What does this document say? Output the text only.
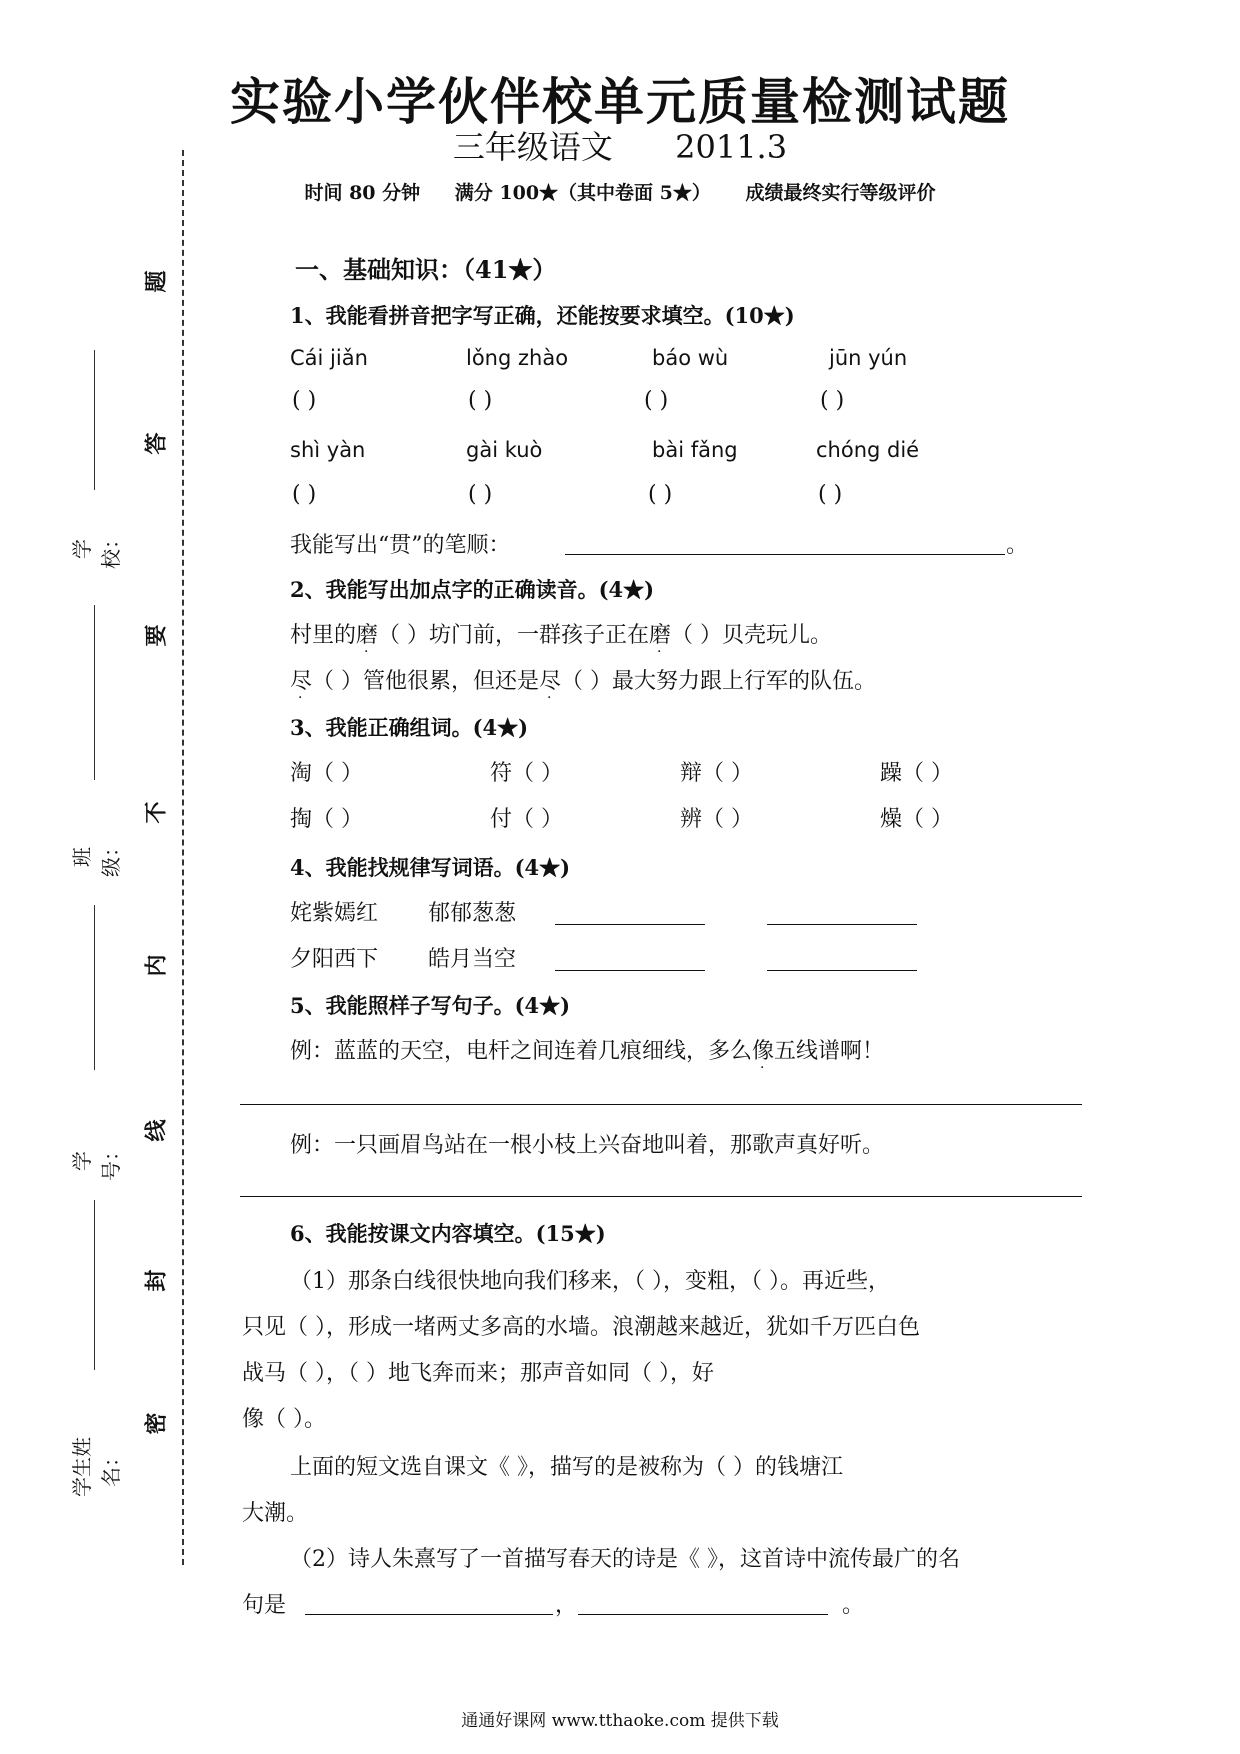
实验小学伙伴校单元质量检测试题
三年级语文 2011.3
时间 80 分钟 满分 100★（其中卷面 5★） 成绩最终实行等级评价
题
答
要
不
内
线
封
密
学校：
班级：
学号：
学生姓名：
一、基础知识：（41★）
1、我能看拼音把字写正确，还能按要求填空。(10★)
Cái jiǎn	lǒng zhào	báo wù	jūn yún
( )	( )	( )	( )
shì yàn	gài kuò	bài fǎng	chóng dié
( )	( )	( )	( )
我能写出“贯”的笔顺：	。
2、我能写出加点字的正确读音。(4★)
村里的磨
·
（ ）坊门前，一群孩子正在磨
·
（ ）贝壳玩儿。
尽
·
（ ）管他很累，但还是尽
·
（ ）最大努力跟上行军的队伍。
3、我能正确组词。(4★)
淘（ ）	符（ ）	辩（ ）	躁（ ）
掏（ ）	付（ ）	辨（ ）	燥（ ）
4、我能找规律写词语。(4★)
姹紫嫣红 郁郁葱葱
夕阳西下 皓月当空
5、我能照样子写句子。(4★)
例：蓝蓝的天空，电杆之间连着几痕细线，多么像
·
五线谱啊！
例：一只画眉鸟站在一根小枝上兴奋地叫着，那歌声真好听。
6、我能按课文内容填空。(15★)
（1）那条白线很快地向我们移来，（ ），变粗，（ ）。再近些，
只见（ ），形成一堵两丈多高的水墙。浪潮越来越近，犹如千万匹白色
战马（ ），（ ）地飞奔而来；那声音如同（ ），好
像（ ）。
上面的短文选自课文《 》，描写的是被称为（ ）的钱塘江
大潮。
（2）诗人朱熹写了一首描写春天的诗是《 》，这首诗中流传最广的名
句是	，	。
通通好课网 www.tthaoke.com 提供下载
